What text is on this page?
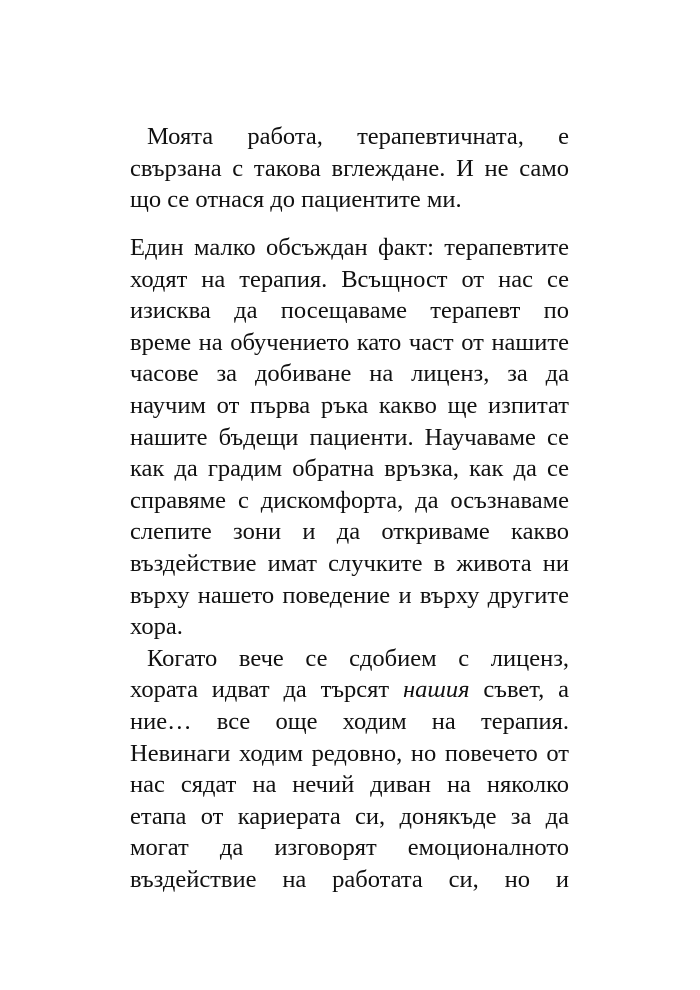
Моята работа, терапевтичната, е
свързана с такова вглеждане. И не само
що се отнася до пациентите ми.
Един малко обсъждан факт: терапевтите
ходят на терапия. Всъщност от нас се
изисква да посещаваме терапевт по
време на обучението като част от нашите
часове за добиване на лиценз, за да
научим от първа ръка какво ще изпитат
нашите бъдещи пациенти. Научаваме се
как да градим обратна връзка, как да се
справяме с дискомфорта, да осъзнаваме
слепите зони и да откриваме какво
въздействие имат случките в живота ни
върху нашето поведение и върху другите
хора.
Когато вече се сдобием с лиценз,
хората идват да търсят нашия съвет, а
ние… все още ходим на терапия.
Невинаги ходим редовно, но повечето от
нас сядат на нечий диван на няколко
етапа от кариерата си, донякъде за да
могат да изговорят емоционалното
въздействие на работата си, но и
